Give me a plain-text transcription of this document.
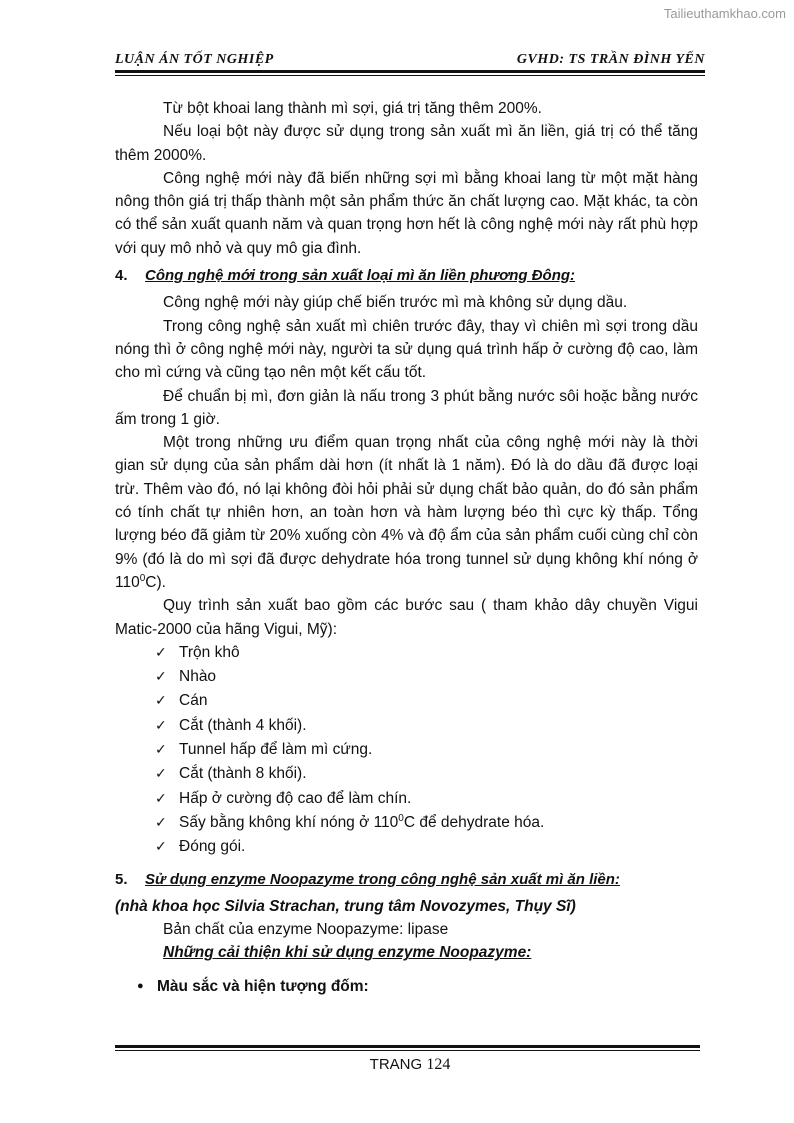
Tailieuthamkhao.com
LUẬN ÁN TỐT NGHIỆP	GVHD: TS TRẦN ĐÌNH YẾN

Từ bột khoai lang thành mì sợi, giá trị tăng thêm 200%.

Nếu loại bột này được sử dụng trong sản xuất mì ăn liền, giá trị có thể tăng thêm 2000%.

Công nghệ mới này đã biến những sợi mì bằng khoai lang từ một mặt hàng nông thôn giá trị thấp thành một sản phẩm thức ăn chất lượng cao. Mặt khác, ta còn có thể sản xuất quanh năm và quan trọng hơn hết là công nghệ mới này rất phù hợp với quy mô nhỏ và quy mô gia đình.

4. Công nghệ mới trong sản xuất loại mì ăn liền phương Đông:

Công nghệ mới này giúp chế biến trước mì mà không sử dụng dầu.

Trong công nghệ sản xuất mì chiên trước đây, thay vì chiên mì sợi trong dầu nóng thì ở công nghệ mới này, người ta sử dụng quá trình hấp ở cường độ cao, làm cho mì cứng và cũng tạo nên một kết cấu tốt.

Để chuẩn bị mì, đơn giản là nấu trong 3 phút bằng nước sôi hoặc bằng nước ấm trong 1 giờ.

Một trong những ưu điểm quan trọng nhất của công nghệ mới này là thời gian sử dụng của sản phẩm dài hơn (ít nhất là 1 năm). Đó là do dầu đã được loại trừ. Thêm vào đó, nó lại không đòi hỏi phải sử dụng chất bảo quản, do đó sản phẩm có tính chất tự nhiên hơn, an toàn hơn và hàm lượng béo thì cực kỳ thấp. Tổng lượng béo đã giảm từ 20% xuống còn 4% và độ ẩm của sản phẩm cuối cùng chỉ còn 9% (đó là do mì sợi đã được dehydrate hóa trong tunnel sử dụng không khí nóng ở $110^0C$).

Quy trình sản xuất bao gồm các bước sau ( tham khảo dây chuyền Vigui Matic-2000 của hãng Vigui, Mỹ):

✓ Trộn khô
✓ Nhào
✓ Cán
✓ Cắt (thành 4 khối).
✓ Tunnel hấp để làm mì cứng.
✓ Cắt (thành 8 khối).
✓ Hấp ở cường độ cao để làm chín.
✓ Sấy bằng không khí nóng ở $110^0C$ để dehydrate hóa.
✓ Đóng gói.

5. Sử dụng enzyme Noopazyme trong công nghệ sản xuất mì ăn liền:

(nhà khoa học Silvia Strachan, trung tâm Novozymes, Thụy Sĩ)

Bản chất của enzyme Noopazyme: lipase

Những cải thiện khi sử dụng enzyme Noopazyme:

● Màu sắc và hiện tượng đốm:

TRANG 124
